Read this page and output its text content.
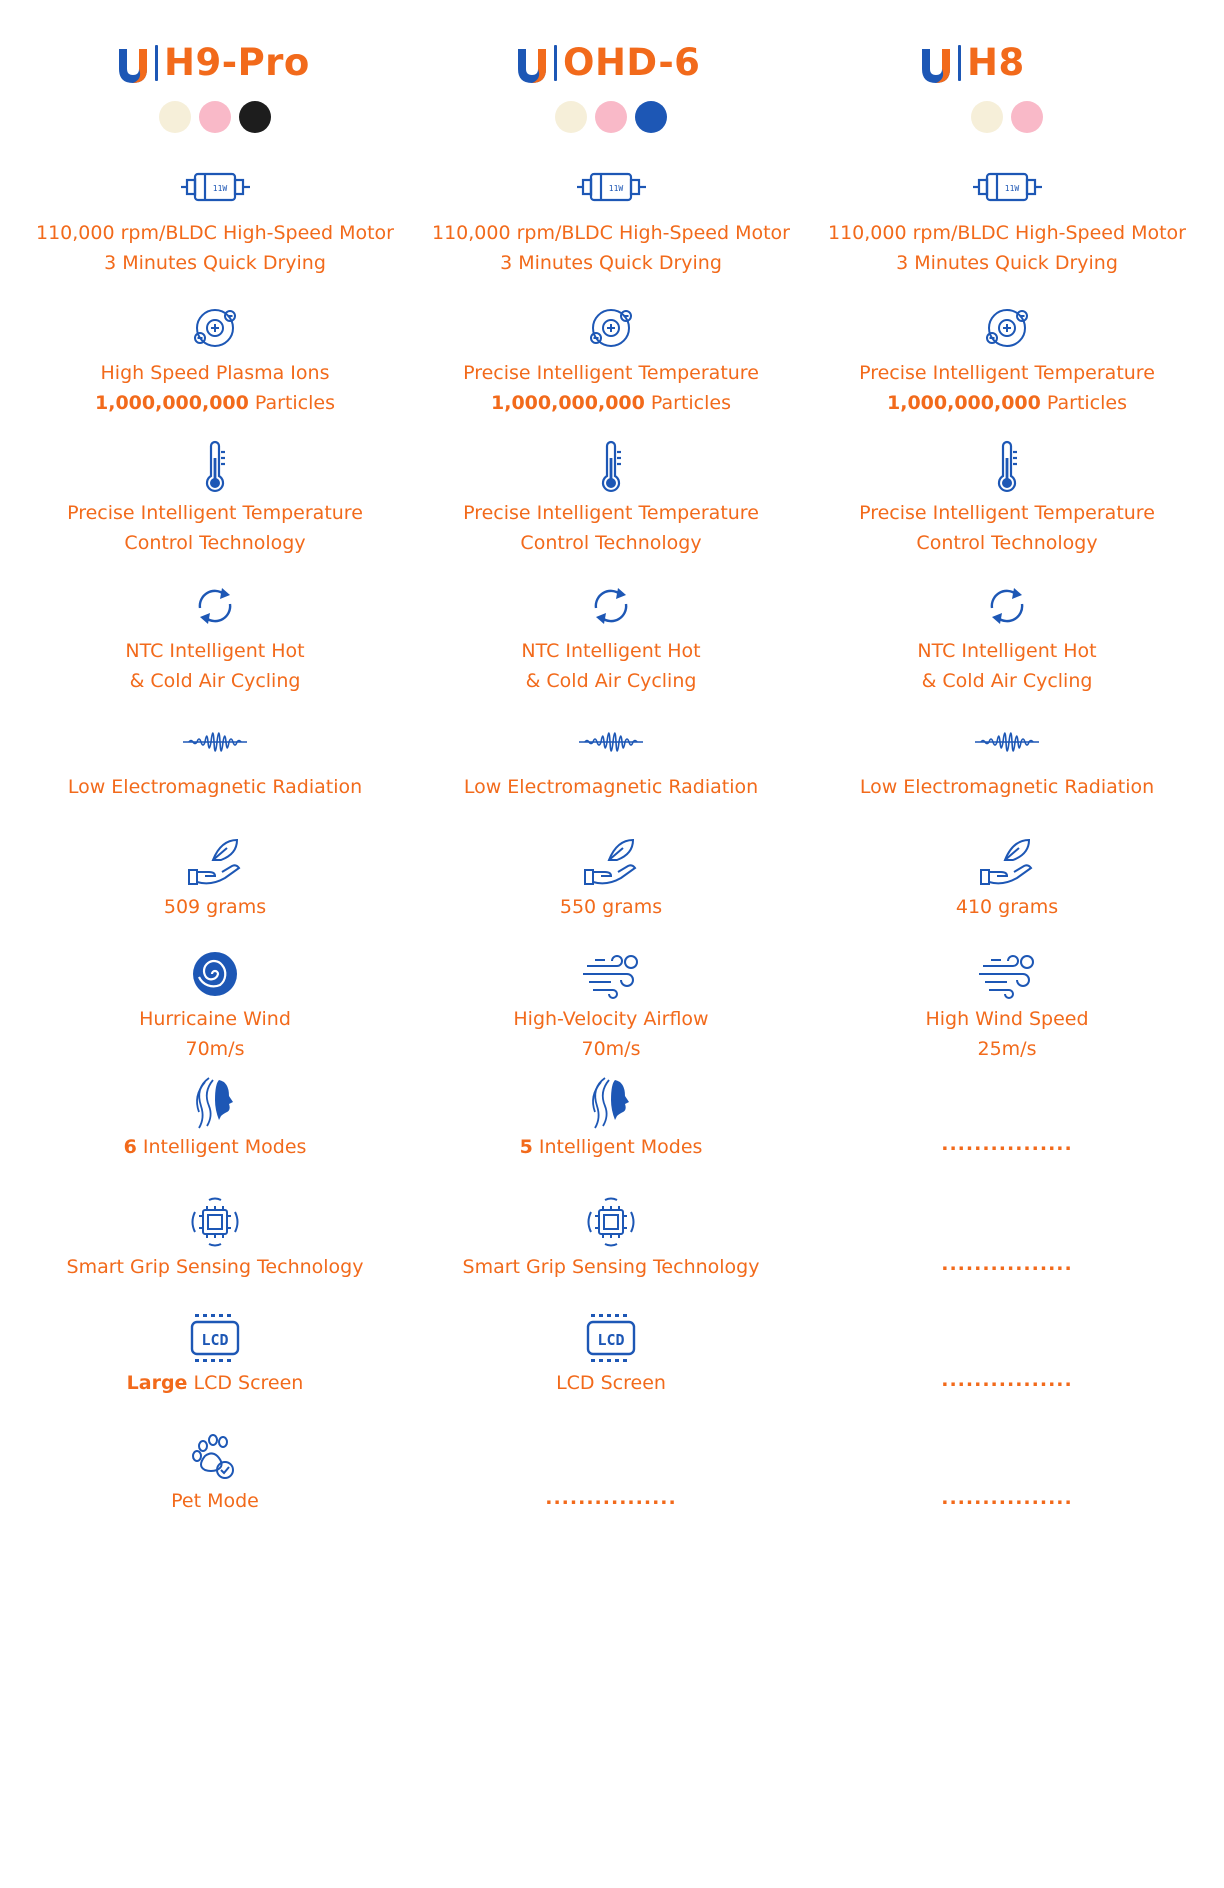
H9-Pro
11W
110,000 rpm/BLDC High-Speed Motor
3 Minutes Quick Drying
High Speed Plasma Ions
1,000,000,000 Particles
Precise Intelligent Temperature
Control Technology
NTC Intelligent Hot
& Cold Air Cycling
Low Electromagnetic Radiation
509 grams
Hurricaine Wind
70m/s
6 Intelligent Modes
Smart Grip Sensing Technology
LCD
Large LCD Screen
Pet Mode
OHD-6
11W
110,000 rpm/BLDC High-Speed Motor
3 Minutes Quick Drying
Precise Intelligent Temperature
1,000,000,000 Particles
Precise Intelligent Temperature
Control Technology
NTC Intelligent Hot
& Cold Air Cycling
Low Electromagnetic Radiation
550 grams
High-Velocity Airflow
70m/s
5 Intelligent Modes
Smart Grip Sensing Technology
LCD
LCD Screen
................
H8
11W
110,000 rpm/BLDC High-Speed Motor
3 Minutes Quick Drying
Precise Intelligent Temperature
1,000,000,000 Particles
Precise Intelligent Temperature
Control Technology
NTC Intelligent Hot
& Cold Air Cycling
Low Electromagnetic Radiation
410 grams
High Wind Speed
25m/s
................
................
................
................
